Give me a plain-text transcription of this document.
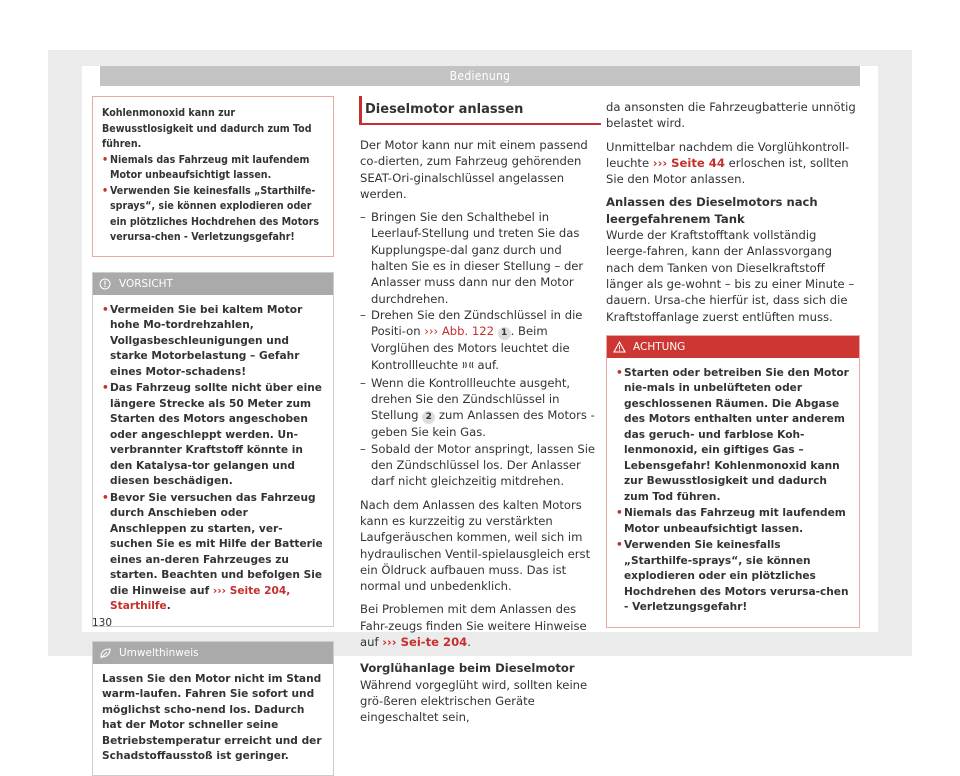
Bedienung

Kohlenmonoxid kann zur Bewusstlosigkeit und dadurch zum Tod führen.

• Niemals das Fahrzeug mit laufendem Motor unbeaufsichtigt lassen.
• Verwenden Sie keinesfalls „Starthilfe-sprays“, sie können explodieren oder ein plötzliches Hochdrehen des Motors verursa-chen - Verletzungsgefahr!
VORSICHT
• Vermeiden Sie bei kaltem Motor hohe Mo-tordrehzahlen, Vollgasbeschleunigungen und starke Motorbelastung – Gefahr eines Motor-schadens!
• Das Fahrzeug sollte nicht über eine längere Strecke als 50 Meter zum Starten des Motors angeschoben oder angeschleppt werden. Un-verbrannter Kraftstoff könnte in den Katalysa-tor gelangen und diesen beschädigen.
• Bevor Sie versuchen das Fahrzeug durch Anschieben oder Anschleppen zu starten, ver-suchen Sie es mit Hilfe der Batterie eines an-deren Fahrzeuges zu starten. Beachten und befolgen Sie die Hinweise auf ››› Seite 204, Starthilfe.
Umwelthinweis
Lassen Sie den Motor nicht im Stand warm-laufen. Fahren Sie sofort und möglichst scho-nend los. Dadurch hat der Motor schneller seine Betriebstemperatur erreicht und der Schadstoffausstoß ist geringer.
130
Dieselmotor anlassen

Der Motor kann nur mit einem passend co-dierten, zum Fahrzeug gehörenden SEAT-Ori-ginalschlüssel angelassen werden.

– Bringen Sie den Schalthebel in Leerlauf-Stellung und treten Sie das Kupplungspe-dal ganz durch und halten Sie es in dieser Stellung – der Anlasser muss dann nur den Motor durchdrehen.
– Drehen Sie den Zündschlüssel in die Positi-on ››› Abb. 122 1 . Beim Vorglühen des Motors leuchtet die Kontrollleuchte auf.
– Wenn die Kontrollleuchte ausgeht, drehen Sie den Zündschlüssel in Stellung 2 zum Anlassen des Motors - geben Sie kein Gas.
– Sobald der Motor anspringt, lassen Sie den Zündschlüssel los. Der Anlasser darf nicht gleichzeitig mitdrehen.

Nach dem Anlassen des kalten Motors kann es kurzzeitig zu verstärkten Laufgeräuschen kommen, weil sich im hydraulischen Ventil-spielausgleich erst ein Öldruck aufbauen muss. Das ist normal und unbedenklich.

Bei Problemen mit dem Anlassen des Fahr-zeugs finden Sie weitere Hinweise auf ››› Sei-te 204.

Vorglühanlage beim Dieselmotor

Während vorgeglüht wird, sollten keine grö-ßeren elektrischen Geräte eingeschaltet sein,

da ansonsten die Fahrzeugbatterie unnötig belastet wird.

Unmittelbar nachdem die Vorglühkontroll-leuchte ››› Seite 44 erloschen ist, sollten Sie den Motor anlassen.

Anlassen des Dieselmotors nach leergefahrenem Tank

Wurde der Kraftstofftank vollständig leerge-fahren, kann der Anlassvorgang nach dem Tanken von Dieselkraftstoff länger als ge-wohnt – bis zu einer Minute – dauern. Ursa-che hierfür ist, dass sich die Kraftstoffanlage zuerst entlüften muss.

ACHTUNG
• Starten oder betreiben Sie den Motor nie-mals in unbelüfteten oder geschlossenen Räumen. Die Abgase des Motors enthalten unter anderem das geruch- und farblose Koh-lenmonoxid, ein giftiges Gas – Lebensgefahr! Kohlenmonoxid kann zur Bewusstlosigkeit und dadurch zum Tod führen.
• Niemals das Fahrzeug mit laufendem Motor unbeaufsichtigt lassen.
• Verwenden Sie keinesfalls „Starthilfe-sprays“, sie können explodieren oder ein plötzliches Hochdrehen des Motors verursa-chen - Verletzungsgefahr!
